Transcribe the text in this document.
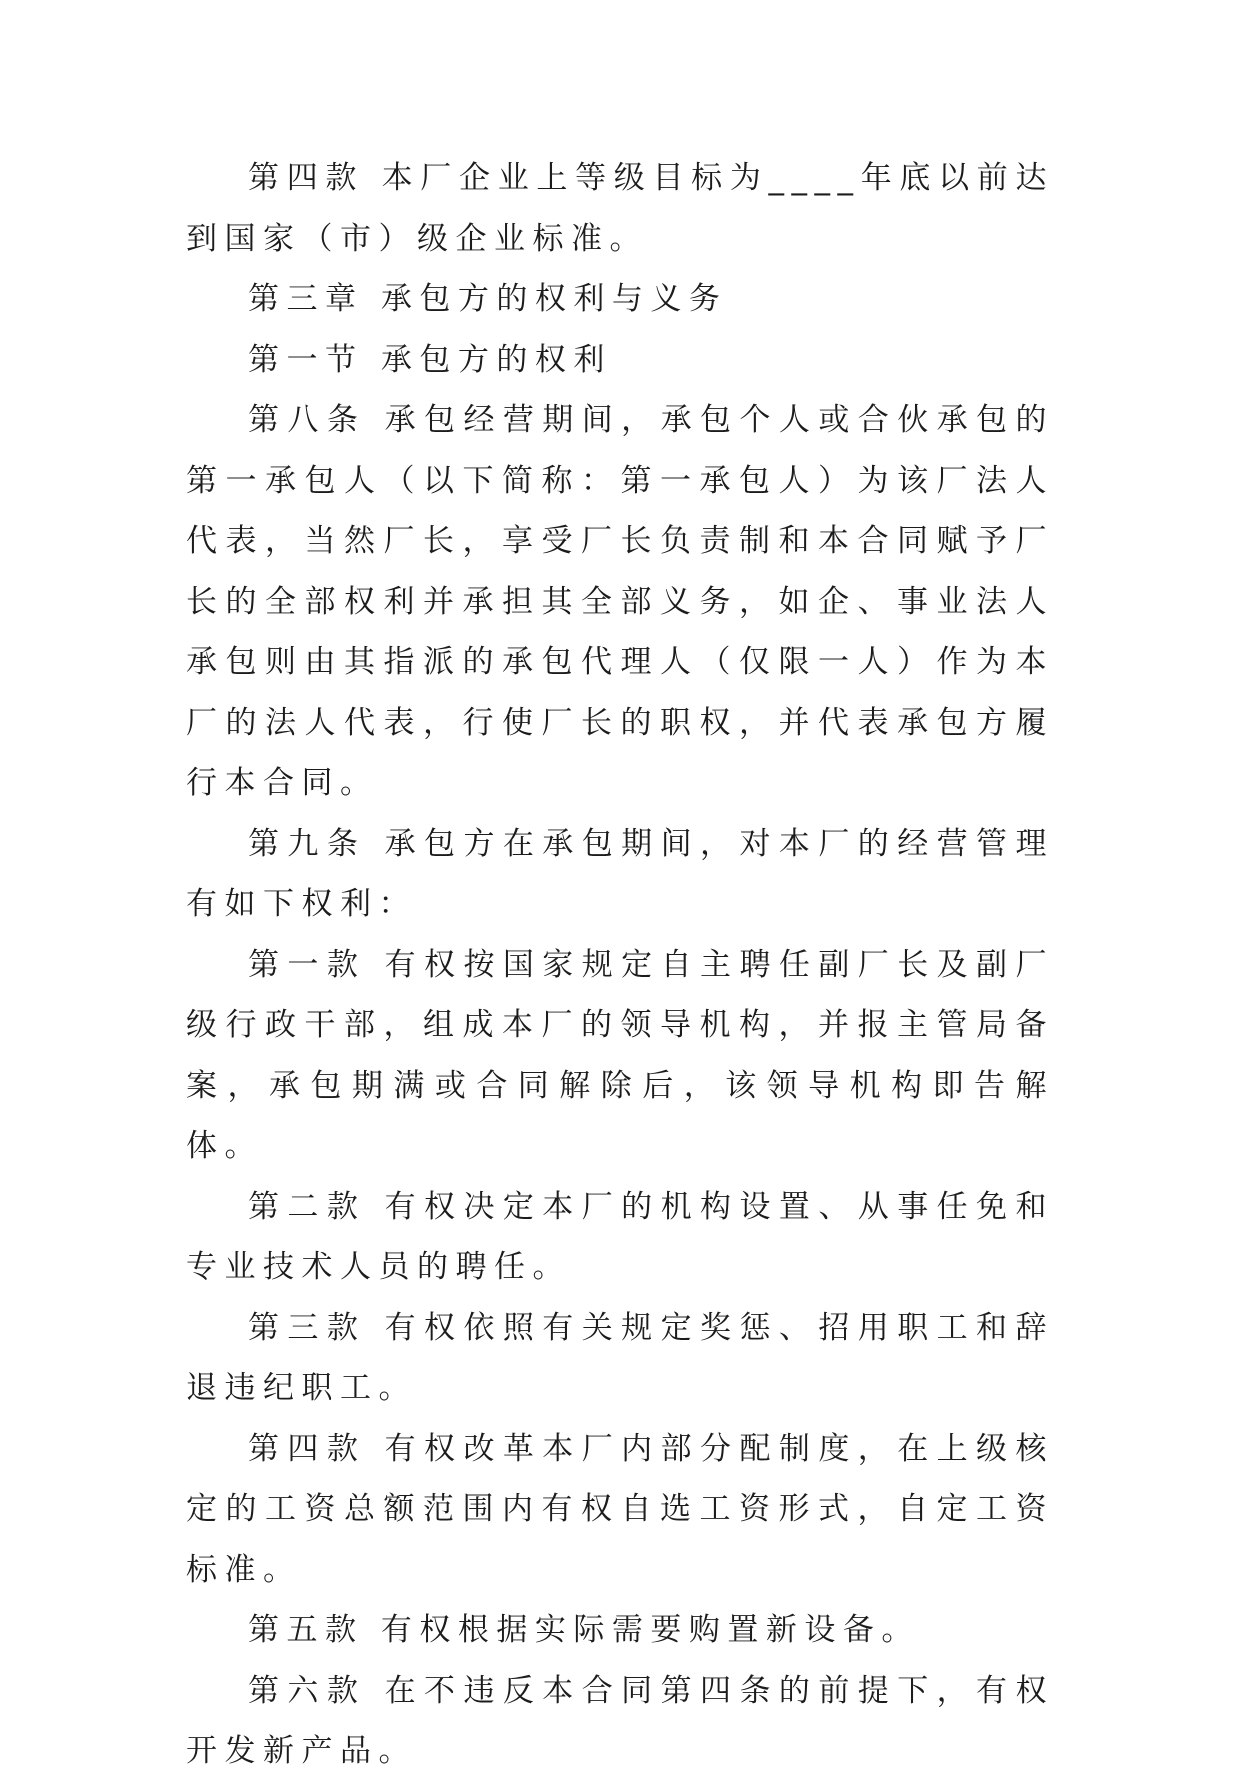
第四款 本厂企业上等级目标为____年底以前达到国家（市）级企业标准。

第三章 承包方的权利与义务

第一节 承包方的权利

第八条 承包经营期间，承包个人或合伙承包的第一承包人（以下简称：第一承包人）为该厂法人代表，当然厂长，享受厂长负责制和本合同赋予厂长的全部权利并承担其全部义务，如企、事业法人承包则由其指派的承包代理人（仅限一人）作为本厂的法人代表，行使厂长的职权，并代表承包方履行本合同。

第九条 承包方在承包期间，对本厂的经营管理有如下权利：

第一款 有权按国家规定自主聘任副厂长及副厂级行政干部，组成本厂的领导机构，并报主管局备案，承包期满或合同解除后，该领导机构即告解体。

第二款 有权决定本厂的机构设置、从事任免和专业技术人员的聘任。

第三款 有权依照有关规定奖惩、招用职工和辞退违纪职工。

第四款 有权改革本厂内部分配制度，在上级核定的工资总额范围内有权自选工资形式，自定工资标准。

第五款 有权根据实际需要购置新设备。

第六款 在不违反本合同第四条的前提下，有权开发新产品。
